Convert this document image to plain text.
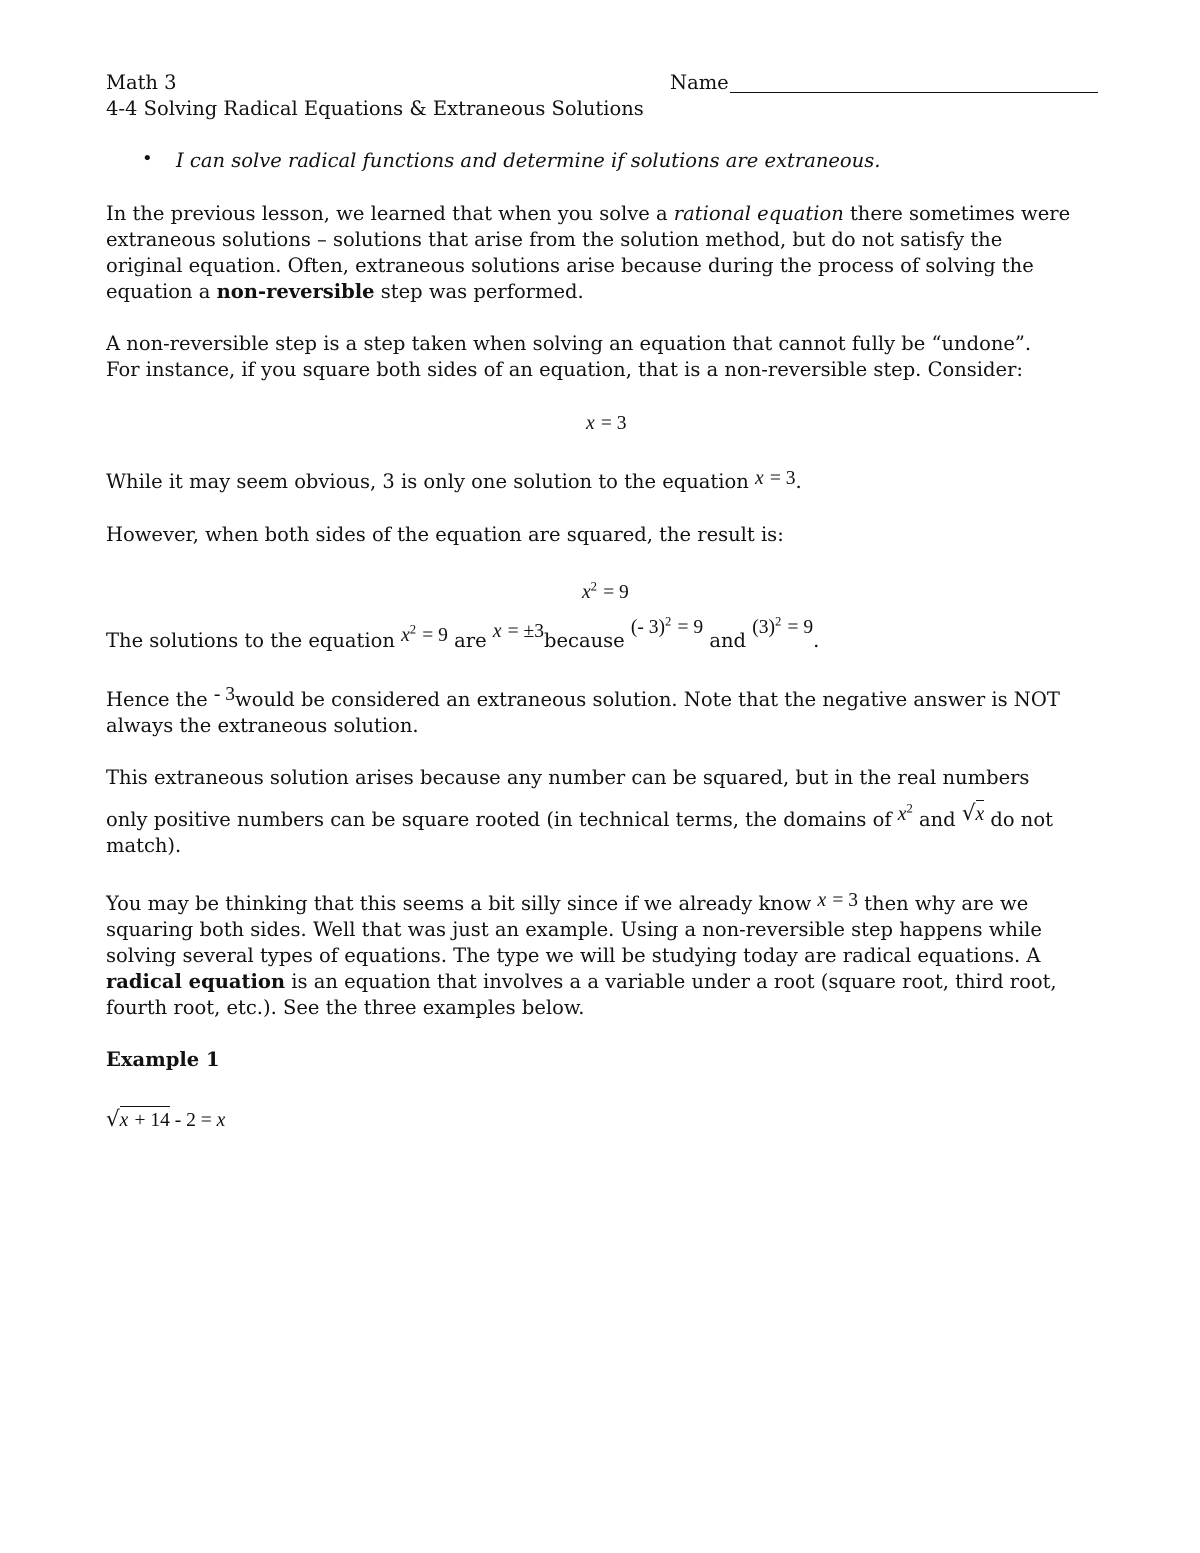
Math 3	Name
4-4 Solving Radical Equations & Extraneous Solutions
• I can solve radical functions and determine if solutions are extraneous.
In the previous lesson, we learned that when you solve a rational equation there sometimes were
extraneous solutions – solutions that arise from the solution method, but do not satisfy the
original equation. Often, extraneous solutions arise because during the process of solving the
equation a non-reversible step was performed.
A non-reversible step is a step taken when solving an equation that cannot fully be “undone”.
For instance, if you square both sides of an equation, that is a non-reversible step. Consider:
x = 3
While it may seem obvious, 3 is only one solution to the equation x = 3.
However, when both sides of the equation are squared, the result is:
$x^2 = 9$
The solutions to the equation $x^2 = 9$ are x = ±3because (- 3)$^2$ = 9 and $(3)^2 = 9$.
Hence the - 3would be considered an extraneous solution. Note that the negative answer is NOT
always the extraneous solution.
This extraneous solution arises because any number can be squared, but in the real numbers
only positive numbers can be square rooted (in technical terms, the domains of $x^2$ and √x do not
match).
You may be thinking that this seems a bit silly since if we already know x = 3 then why are we
squaring both sides. Well that was just an example. Using a non-reversible step happens while
solving several types of equations. The type we will be studying today are radical equations. A
radical equation is an equation that involves a a variable under a root (square root, third root,
fourth root, etc.). See the three examples below.
Example 1
√x + 14 - 2 = x
